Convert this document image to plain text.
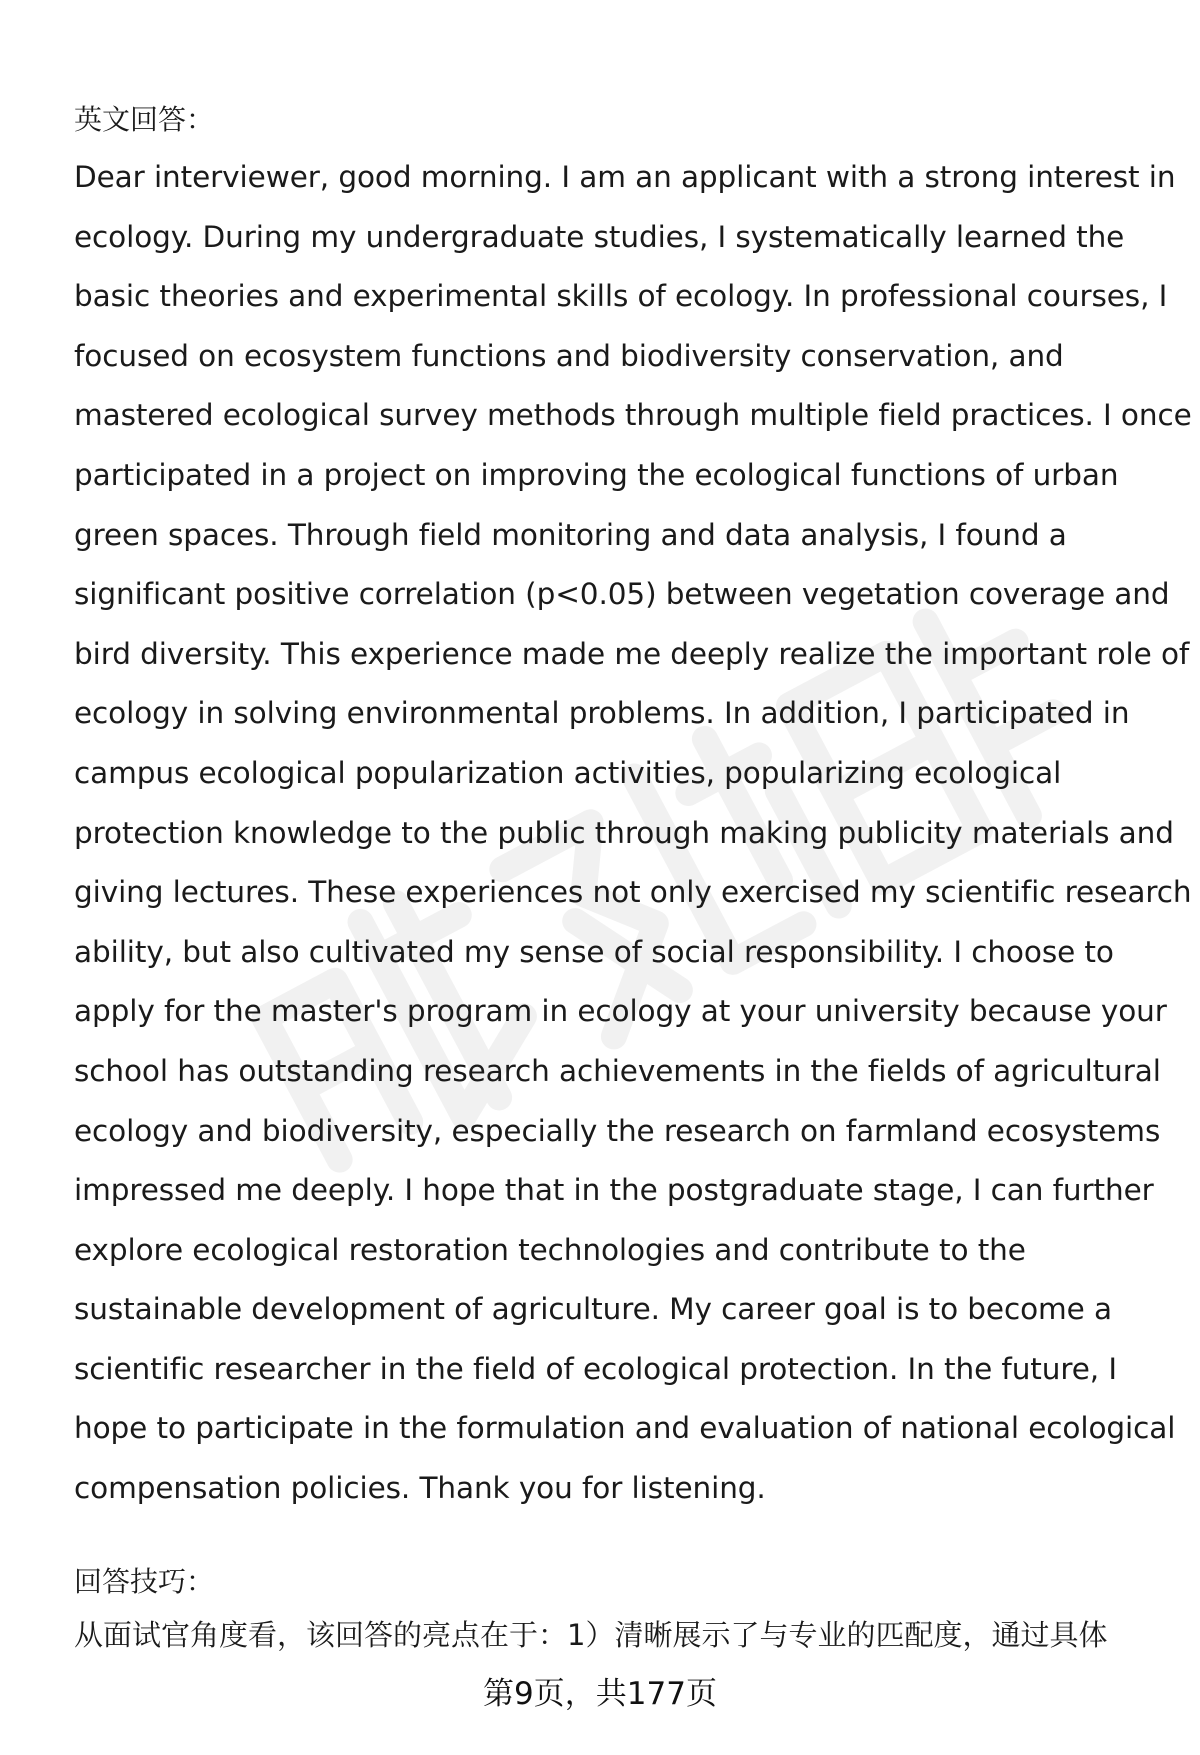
英文回答：
Dear interviewer, good morning. I am an applicant with a strong interest in
ecology. During my undergraduate studies, I systematically learned the
basic theories and experimental skills of ecology. In professional courses, I
focused on ecosystem functions and biodiversity conservation, and
mastered ecological survey methods through multiple field practices. I once
participated in a project on improving the ecological functions of urban
green spaces. Through field monitoring and data analysis, I found a
significant positive correlation (p<0.05) between vegetation coverage and
bird diversity. This experience made me deeply realize the important role of
ecology in solving environmental problems. In addition, I participated in
campus ecological popularization activities, popularizing ecological
protection knowledge to the public through making publicity materials and
giving lectures. These experiences not only exercised my scientific research
ability, but also cultivated my sense of social responsibility. I choose to
apply for the master's program in ecology at your university because your
school has outstanding research achievements in the fields of agricultural
ecology and biodiversity, especially the research on farmland ecosystems
impressed me deeply. I hope that in the postgraduate stage, I can further
explore ecological restoration technologies and contribute to the
sustainable development of agriculture. My career goal is to become a
scientific researcher in the field of ecological protection. In the future, I
hope to participate in the formulation and evaluation of national ecological
compensation policies. Thank you for listening.
回答技巧：
从面试官角度看，该回答的亮点在于：1）清晰展示了与专业的匹配度，通过具体
第9页，共177页
